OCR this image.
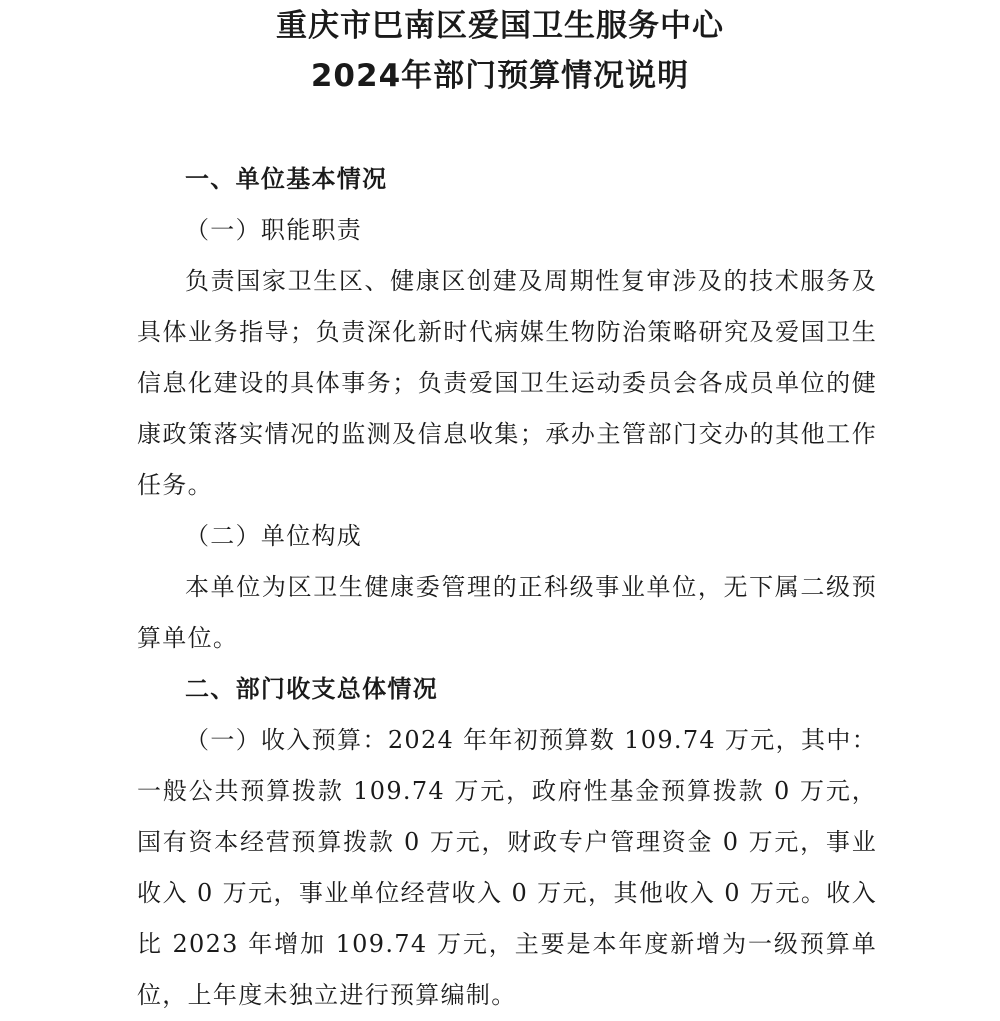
重庆市巴南区爱国卫生服务中心
2024年部门预算情况说明

一、单位基本情况

（一）职能职责

负责国家卫生区、健康区创建及周期性复审涉及的技术服务及具体业务指导；负责深化新时代病媒生物防治策略研究及爱国卫生信息化建设的具体事务；负责爱国卫生运动委员会各成员单位的健康政策落实情况的监测及信息收集；承办主管部门交办的其他工作任务。

（二）单位构成

本单位为区卫生健康委管理的正科级事业单位，无下属二级预算单位。

二、部门收支总体情况

（一）收入预算：2024 年年初预算数 109.74 万元，其中：一般公共预算拨款 109.74 万元，政府性基金预算拨款 0 万元，国有资本经营预算拨款 0 万元，财政专户管理资金 0 万元，事业收入 0 万元，事业单位经营收入 0 万元，其他收入 0 万元。收入比 2023 年增加 109.74 万元，主要是本年度新增为一级预算单位，上年度未独立进行预算编制。
